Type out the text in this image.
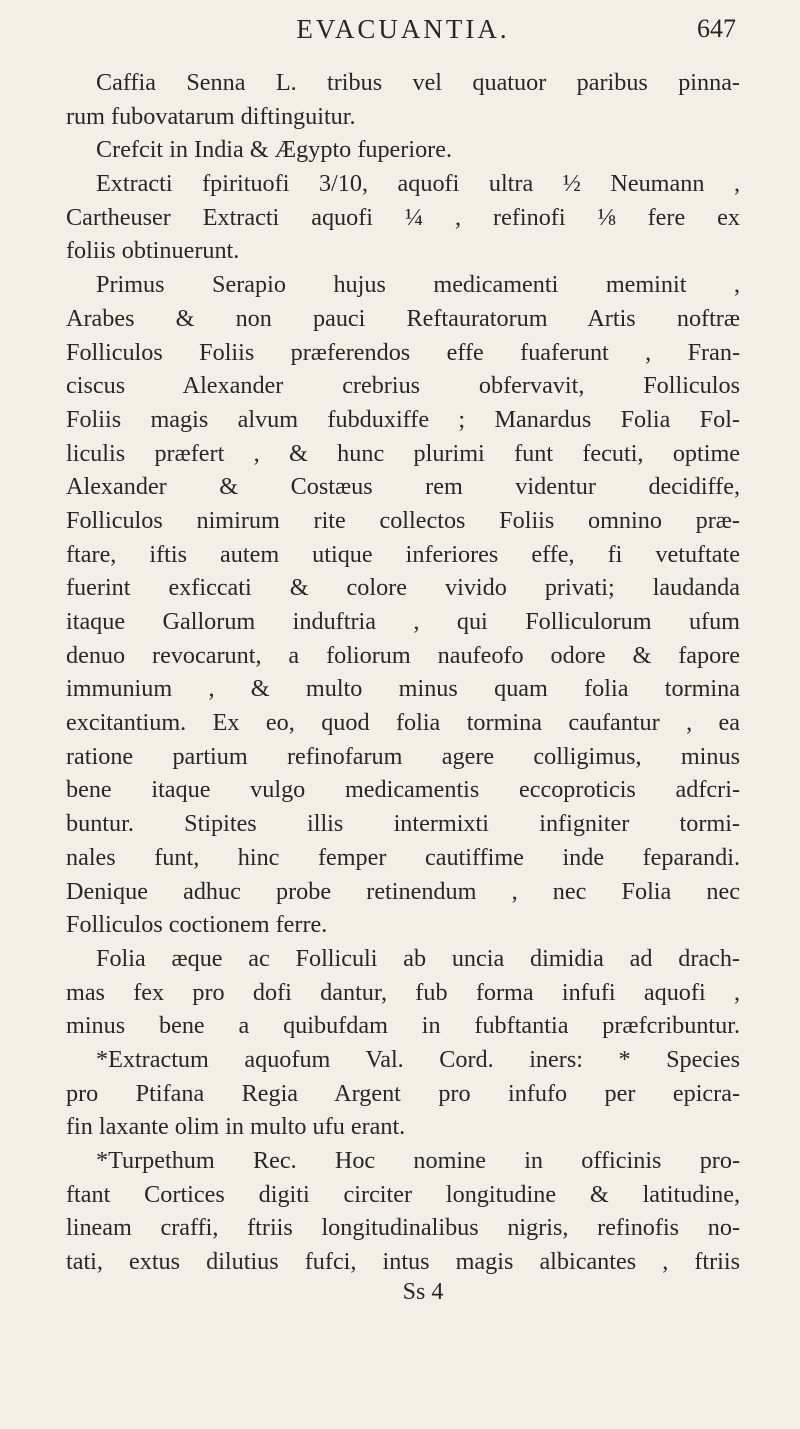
EVACUANTIA.	647
Caffia Senna L. tribus vel quatuor paribus pinna-
rum fubovatarum diftinguitur.
Crefcit in India & Ægypto fuperiore.
Extracti fpirituofi 3/10, aquofi ultra ½ Neumann ,
Cartheuser Extracti aquofi ¼ , refinofi ⅛ fere ex
foliis obtinuerunt.
Primus Serapio hujus medicamenti meminit ,
Arabes & non pauci Reftauratorum Artis noftræ
Folliculos Foliis præferendos effe fuaferunt , Fran-
ciscus Alexander crebrius obfervavit, Folliculos
Foliis magis alvum fubduxiffe ; Manardus Folia Fol-
liculis præfert , & hunc plurimi funt fecuti, optime
Alexander & Costæus rem videntur decidiffe,
Folliculos nimirum rite collectos Foliis omnino præ-
ftare, iftis autem utique inferiores effe, fi vetuftate
fuerint exficcati & colore vivido privati; laudanda
itaque Gallorum induftria , qui Folliculorum ufum
denuo revocarunt, a foliorum naufeofo odore & fapore
immunium , & multo minus quam folia tormina
excitantium. Ex eo, quod folia tormina caufantur , ea
ratione partium refinofarum agere colligimus, minus
bene itaque vulgo medicamentis eccoproticis adfcri-
buntur. Stipites illis intermixti infigniter tormi-
nales funt, hinc femper cautiffime inde feparandi.
Denique adhuc probe retinendum , nec Folia nec
Folliculos coctionem ferre.
Folia æque ac Folliculi ab uncia dimidia ad drach-
mas fex pro dofi dantur, fub forma infufi aquofi ,
minus bene a quibufdam in fubftantia præfcribuntur.
*Extractum aquofum Val. Cord. iners: * Species
pro Ptifana Regia Argent pro infufo per epicra-
fin laxante olim in multo ufu erant.
*Turpethum Rec. Hoc nomine in officinis pro-
ftant Cortices digiti circiter longitudine & latitudine,
lineam craffi, ftriis longitudinalibus nigris, refinofis no-
tati, extus dilutius fufci, intus magis albicantes , ftriis
Ss 4
